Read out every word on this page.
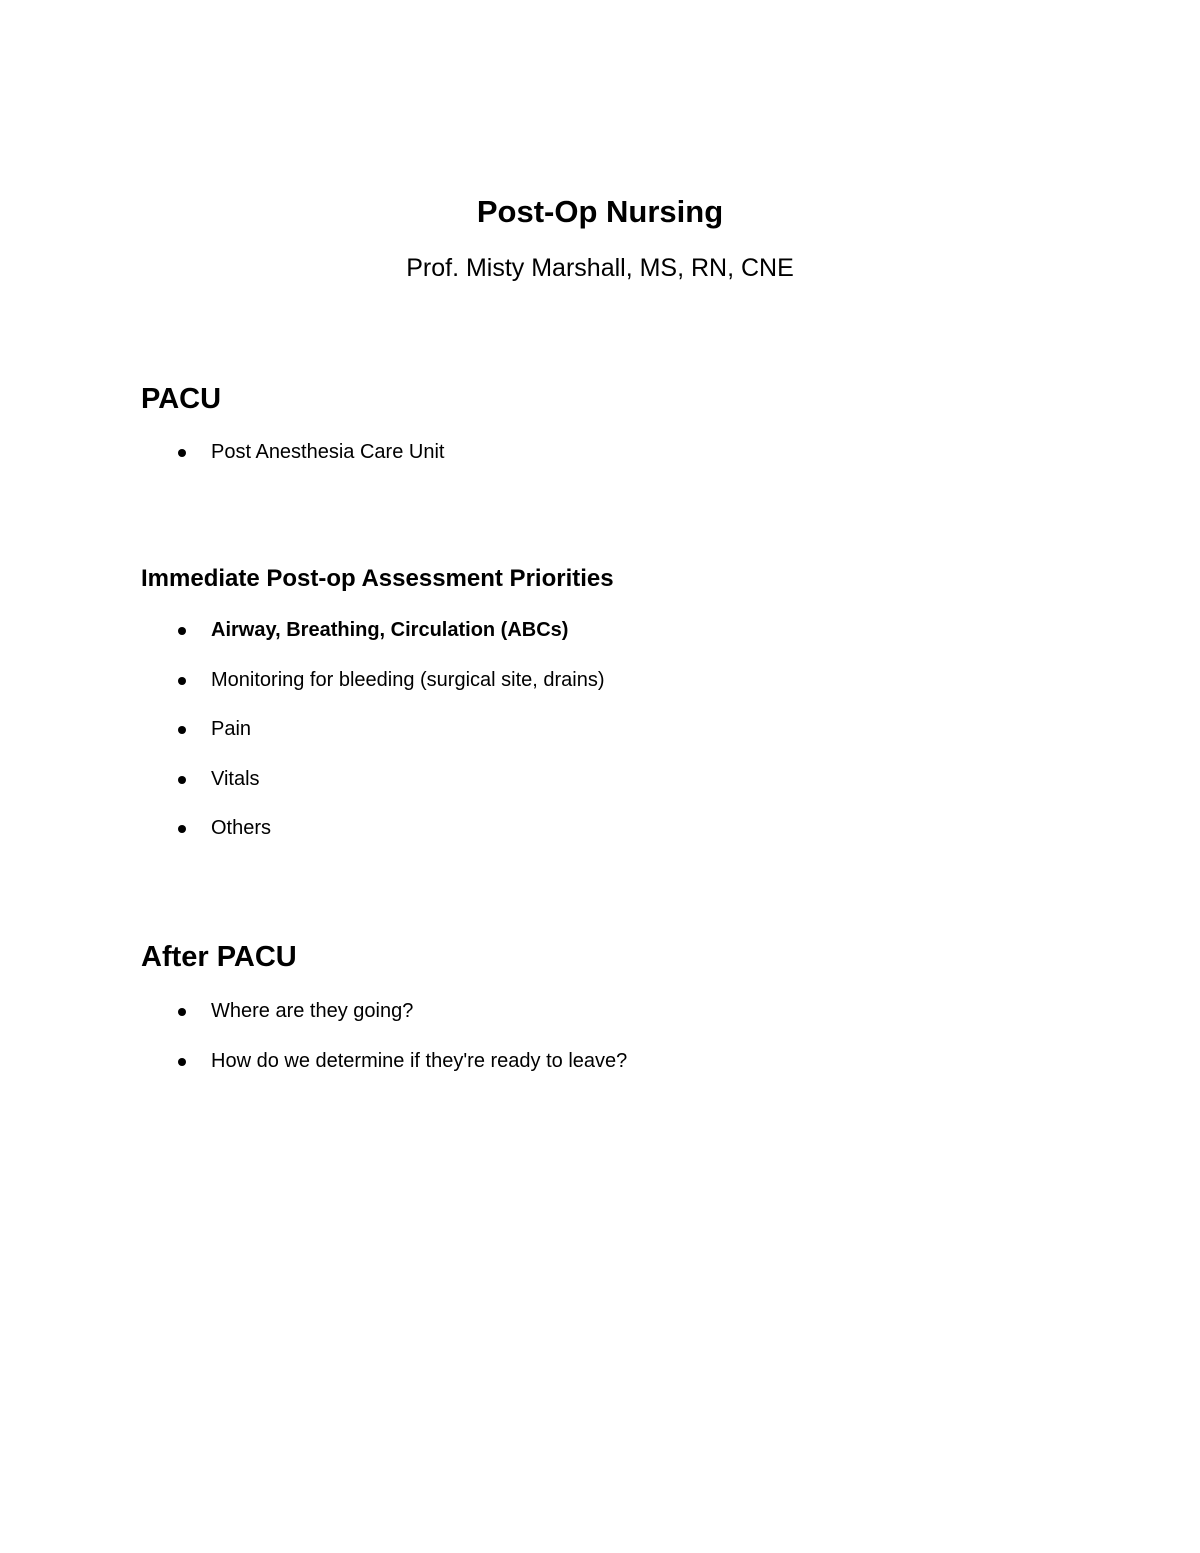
Post-Op Nursing
Prof. Misty Marshall, MS, RN, CNE
PACU
Post Anesthesia Care Unit
Immediate Post-op Assessment Priorities
Airway, Breathing, Circulation (ABCs)
Monitoring for bleeding (surgical site, drains)
Pain
Vitals
Others
After PACU
Where are they going?
How do we determine if they're ready to leave?
